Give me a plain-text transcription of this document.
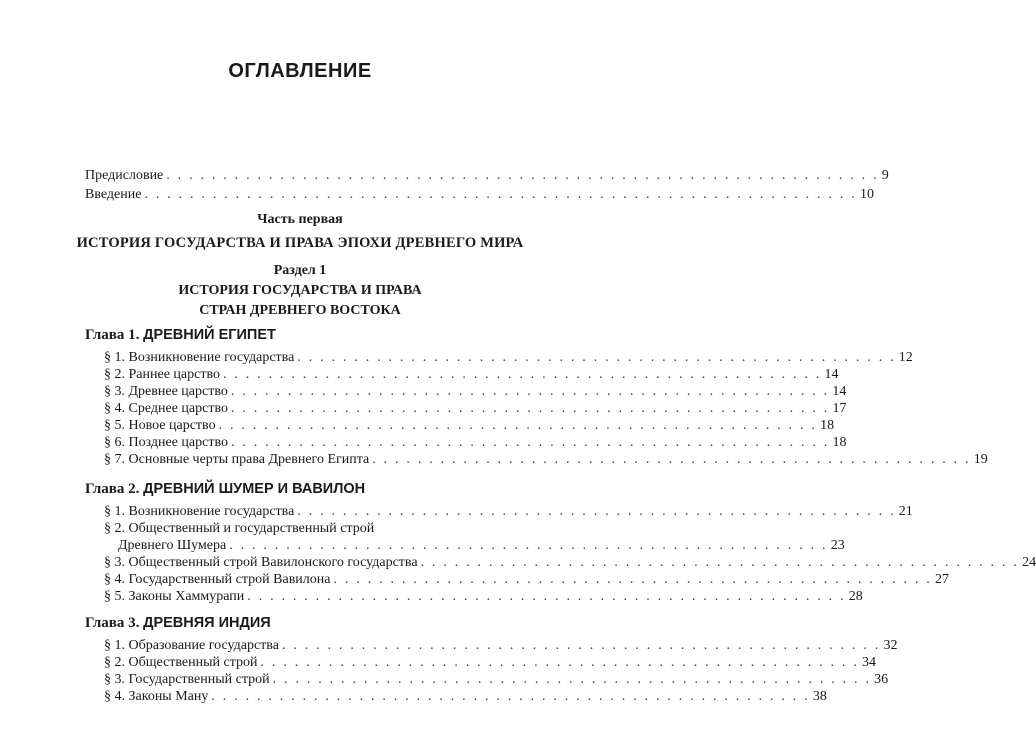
ОГЛАВЛЕНИЕ
Предисловие . . . . . . . . . . . . . . . . . . . . . . . . . . . . . . . . . . . . . . . . . . . . . . . . . . . . . . . . . . . . . . . 9
Введение . . . . . . . . . . . . . . . . . . . . . . . . . . . . . . . . . . . . . . . . . . . . . . . . . . . . . . . . . . . . . . . 10
Часть первая
ИСТОРИЯ ГОСУДАРСТВА И ПРАВА ЭПОХИ ДРЕВНЕГО МИРА
Раздел 1
ИСТОРИЯ ГОСУДАРСТВА И ПРАВА
СТРАН ДРЕВНЕГО ВОСТОКА
Глава 1. ДРЕВНИЙ ЕГИПЕТ
§ 1. Возникновение государства . . . . . . . . . . . . . . . . . . . . . . . . . . . . . . . . . . . . . . . . . . . . . . . . . . . . . 12
§ 2. Раннее царство . . . . . . . . . . . . . . . . . . . . . . . . . . . . . . . . . . . . . . . . . . . . . . . . . . . . . 14
§ 3. Древнее царство . . . . . . . . . . . . . . . . . . . . . . . . . . . . . . . . . . . . . . . . . . . . . . . . . . . . . 14
§ 4. Среднее царство . . . . . . . . . . . . . . . . . . . . . . . . . . . . . . . . . . . . . . . . . . . . . . . . . . . . . 17
§ 5. Новое царство . . . . . . . . . . . . . . . . . . . . . . . . . . . . . . . . . . . . . . . . . . . . . . . . . . . . . 18
§ 6. Позднее царство . . . . . . . . . . . . . . . . . . . . . . . . . . . . . . . . . . . . . . . . . . . . . . . . . . . . . 18
§ 7. Основные черты права Древнего Египта . . . . . . . . . . . . . . . . . . . . . . . . . . . . . . . . . . . . . . . . . . . . . . . . . . . . . 19
Глава 2. ДРЕВНИЙ ШУМЕР И ВАВИЛОН
§ 1. Возникновение государства . . . . . . . . . . . . . . . . . . . . . . . . . . . . . . . . . . . . . . . . . . . . . . . . . . . . . 21
§ 2. Общественный и государственный строй
Древнего Шумера . . . . . . . . . . . . . . . . . . . . . . . . . . . . . . . . . . . . . . . . . . . . . . . . . . . . . 23
§ 3. Общественный строй Вавилонского государства . . . . . . . . . . . . . . . . . . . . . . . . . . . . . . . . . . . . . . . . . . . . . . . . . . . . . 24
§ 4. Государственный строй Вавилона . . . . . . . . . . . . . . . . . . . . . . . . . . . . . . . . . . . . . . . . . . . . . . . . . . . . . 27
§ 5. Законы Хаммурапи . . . . . . . . . . . . . . . . . . . . . . . . . . . . . . . . . . . . . . . . . . . . . . . . . . . . . 28
Глава 3. ДРЕВНЯЯ ИНДИЯ
§ 1. Образование государства . . . . . . . . . . . . . . . . . . . . . . . . . . . . . . . . . . . . . . . . . . . . . . . . . . . . . 32
§ 2. Общественный строй . . . . . . . . . . . . . . . . . . . . . . . . . . . . . . . . . . . . . . . . . . . . . . . . . . . . . 34
§ 3. Государственный строй . . . . . . . . . . . . . . . . . . . . . . . . . . . . . . . . . . . . . . . . . . . . . . . . . . . . . 36
§ 4. Законы Ману . . . . . . . . . . . . . . . . . . . . . . . . . . . . . . . . . . . . . . . . . . . . . . . . . . . . . 38
